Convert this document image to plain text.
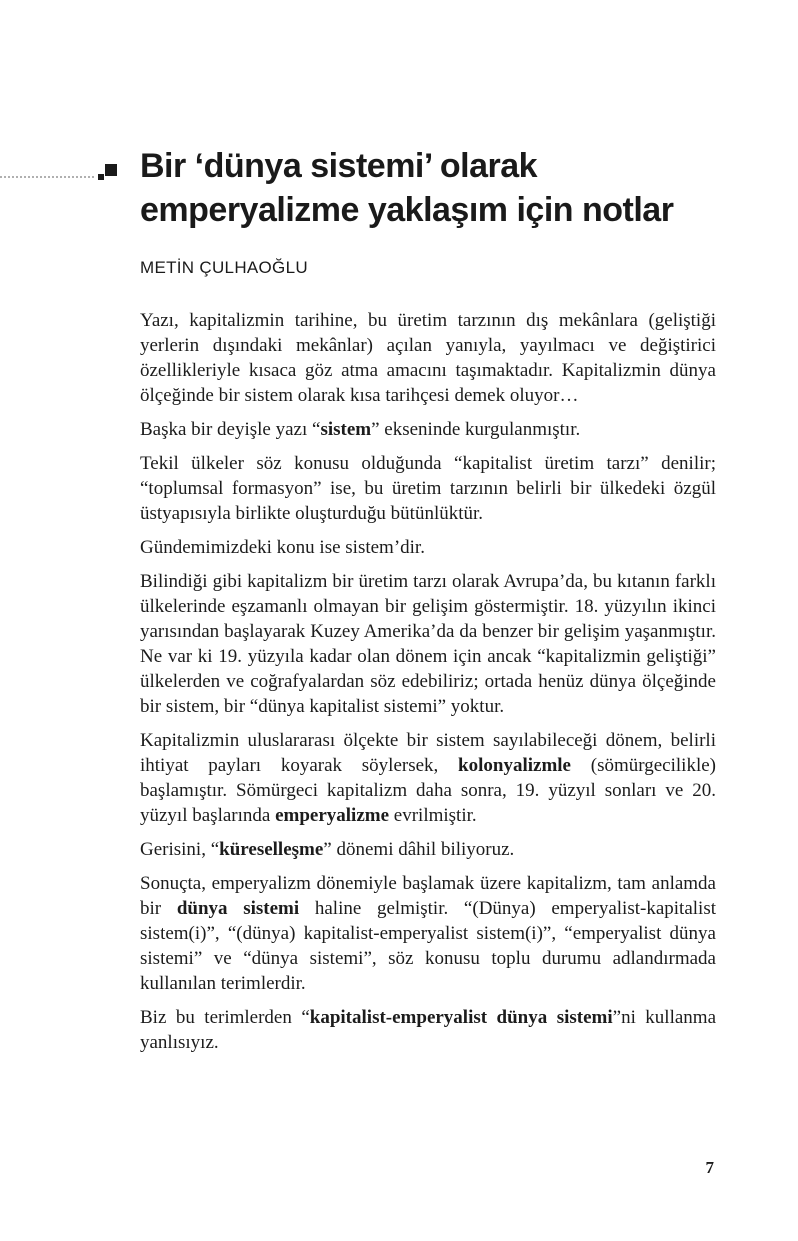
Bir ‘dünya sistemi’ olarak emperyalizme yaklaşım için notlar
METİN ÇULHAOĞLU

Yazı, kapitalizmin tarihine, bu üretim tarzının dış mekânlara (geliştiği yerlerin dışındaki mekânlar) açılan yanıyla, yayılmacı ve değiştirici özellikleriyle kısaca göz atma amacını taşımaktadır. Kapitalizmin dünya ölçeğinde bir sistem olarak kısa tarihçesi demek oluyor…

Başka bir deyişle yazı “sistem” ekseninde kurgulanmıştır.

Tekil ülkeler söz konusu olduğunda “kapitalist üretim tarzı” denilir; “toplumsal formasyon” ise, bu üretim tarzının belirli bir ülkedeki özgül üstyapısıyla birlikte oluşturduğu bütünlüktür.

Gündemimizdeki konu ise sistem’dir.

Bilindiği gibi kapitalizm bir üretim tarzı olarak Avrupa’da, bu kıtanın farklı ülkelerinde eşzamanlı olmayan bir gelişim göstermiştir. 18. yüzyılın ikinci yarısından başlayarak Kuzey Amerika’da da benzer bir gelişim yaşanmıştır. Ne var ki 19. yüzyıla kadar olan dönem için ancak “kapitalizmin geliştiği” ülkelerden ve coğrafyalardan söz edebiliriz; ortada henüz dünya ölçeğinde bir sistem, bir “dünya kapitalist sistemi” yoktur.

Kapitalizmin uluslararası ölçekte bir sistem sayılabileceği dönem, belirli ihtiyat payları koyarak söylersek, kolonyalizmle (sömürgecilikle) başlamıştır. Sömürgeci kapitalizm daha sonra, 19. yüzyıl sonları ve 20. yüzyıl başlarında emperyalizme evrilmiştir.

Gerisini, “küreselleşme” dönemi dâhil biliyoruz.

Sonuçta, emperyalizm dönemiyle başlamak üzere kapitalizm, tam anlamda bir dünya sistemi haline gelmiştir. “(Dünya) emperyalist-kapitalist sistem(i)”, “(dünya) kapitalist-emperyalist sistem(i)”, “emperyalist dünya sistemi” ve “dünya sistemi”, söz konusu toplu durumu adlandırmada kullanılan terimlerdir.

Biz bu terimlerden “kapitalist-emperyalist dünya sistemi”ni kullanma yanlısıyız.

7
